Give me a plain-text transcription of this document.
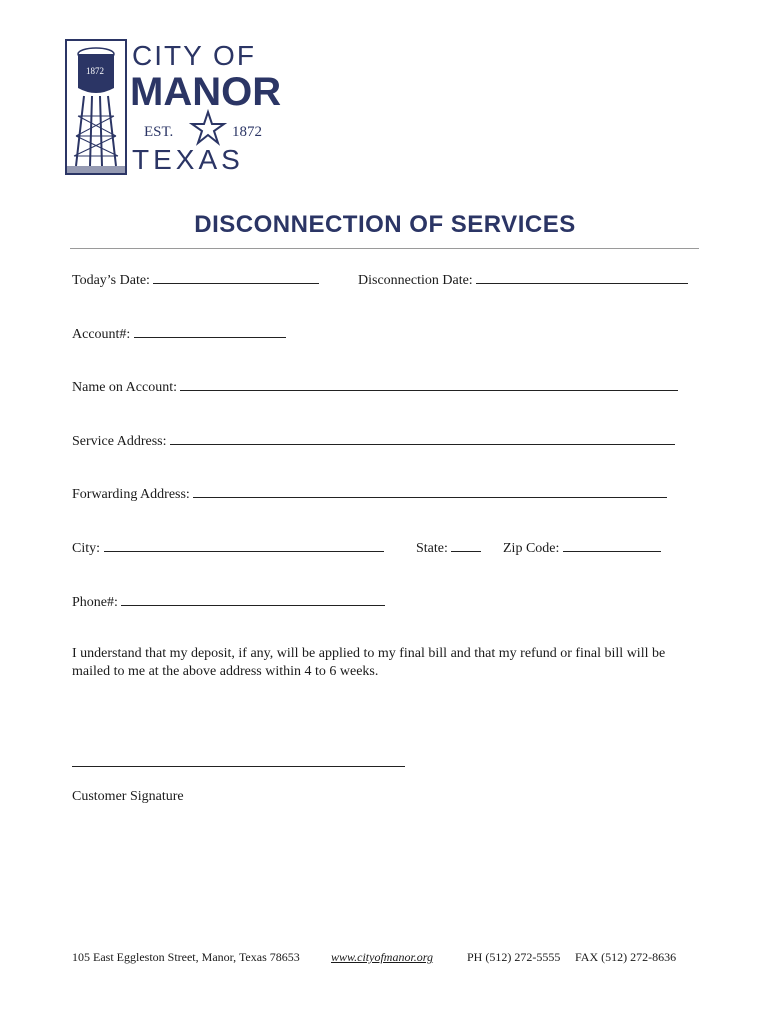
1872 CITY OF
MANOR
EST.	1872
TEXAS
DISCONNECTION OF SERVICES
Today’s Date:	Disconnection Date:
Account#:
Name on Account:
Service Address:
Forwarding Address:
City:	State:	Zip Code:
Phone#:
I understand that my deposit, if any, will be applied to my final bill and that my refund or final bill will be mailed to me at the above address within 4 to 6 weeks.
Customer Signature
105 East Eggleston Street, Manor, Texas 78653	www.cityofmanor.org	PH (512) 272-5555 FAX (512) 272-8636
